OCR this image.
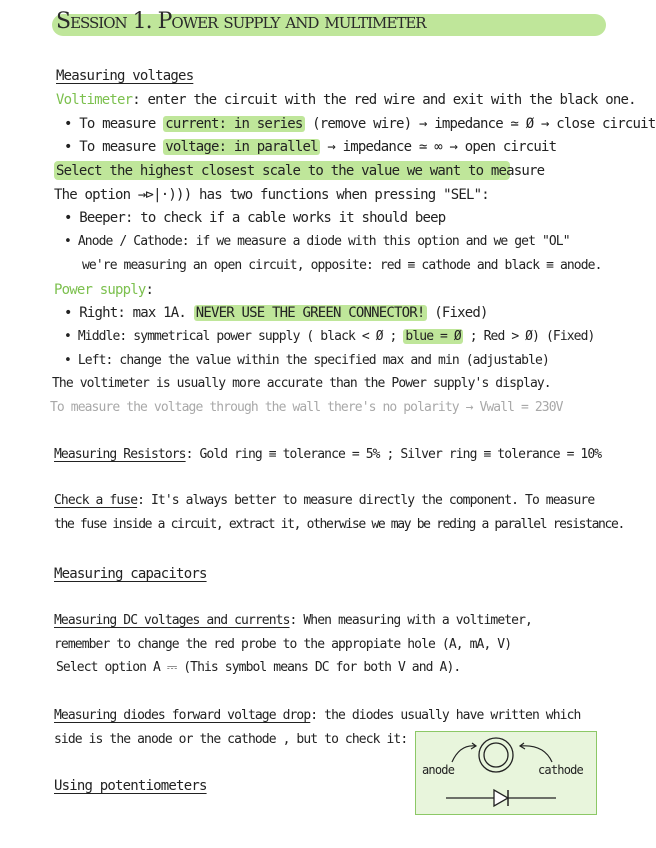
Session 1. Power supply and multimeter
Measuring voltages
Voltimeter: enter the circuit with the red wire and exit with the black one.
• To measure current: in series (remove wire) → impedance ≃ Ø → close circuit
• To measure voltage: in parallel → impedance ≃ ∞ → open circuit
Select the highest closest scale to the value we want to measure
The option →⊳|·))) has two functions when pressing "SEL":
• Beeper: to check if a cable works it should beep
• Anode / Cathode: if we measure a diode with this option and we get "OL"
we're measuring an open circuit, opposite: red ≡ cathode and black ≡ anode.
Power supply:
• Right: max 1A. NEVER USE THE GREEN CONNECTOR! (Fixed)
• Middle: symmetrical power supply ( black < Ø ; blue = Ø ; Red > Ø) (Fixed)
• Left: change the value within the specified max and min (adjustable)
The voltimeter is usually more accurate than the Power supply's display.
To measure the voltage through the wall there's no polarity → Vwall = 230V
Measuring Resistors: Gold ring ≡ tolerance = 5% ; Silver ring ≡ tolerance = 10%
Check a fuse: It's always better to measure directly the component. To measure
the fuse inside a circuit, extract it, otherwise we may be reding a parallel resistance.
Measuring capacitors
Measuring DC voltages and currents: When measuring with a voltimeter,
remember to change the red probe to the appropiate hole (A, mA, V)
Select option A ⎓ (This symbol means DC for both V and A).
Measuring diodes forward voltage drop: the diodes usually have written which
side is the anode or the cathode , but to check it:
Using potentiometers
anode	cathode
